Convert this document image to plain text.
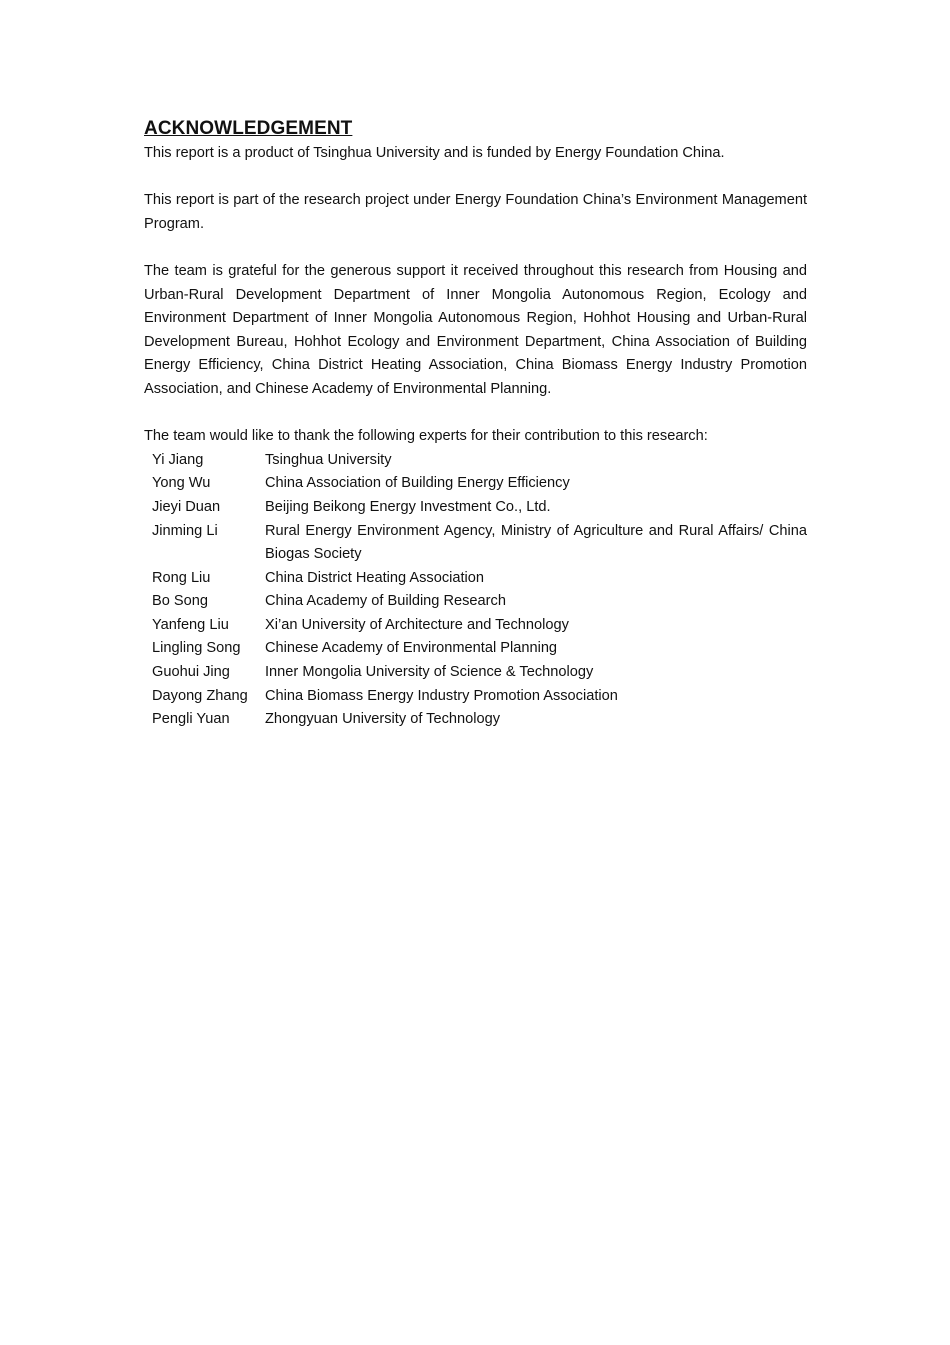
ACKNOWLEDGEMENT

This report is a product of Tsinghua University and is funded by Energy Foundation China.

This report is part of the research project under Energy Foundation China’s Environment Management Program.

The team is grateful for the generous support it received throughout this research from Housing and Urban-Rural Development Department of Inner Mongolia Autonomous Region, Ecology and Environment Department of Inner Mongolia Autonomous Region, Hohhot Housing and Urban-Rural Development Bureau, Hohhot Ecology and Environment Department, China Association of Building Energy Efficiency, China District Heating Association, China Biomass Energy Industry Promotion Association, and Chinese Academy of Environmental Planning.

The team would like to thank the following experts for their contribution to this research:

Yi Jiang	Tsinghua University
Yong Wu	China Association of Building Energy Efficiency
Jieyi Duan	Beijing Beikong Energy Investment Co., Ltd.
Jinming Li	Rural Energy Environment Agency, Ministry of Agriculture and Rural Affairs/ China Biogas Society
Rong Liu	China District Heating Association
Bo Song	China Academy of Building Research
Yanfeng Liu	Xi’an University of Architecture and Technology
Lingling Song	Chinese Academy of Environmental Planning
Guohui Jing	Inner Mongolia University of Science & Technology
Dayong Zhang	China Biomass Energy Industry Promotion Association
Pengli Yuan	Zhongyuan University of Technology
